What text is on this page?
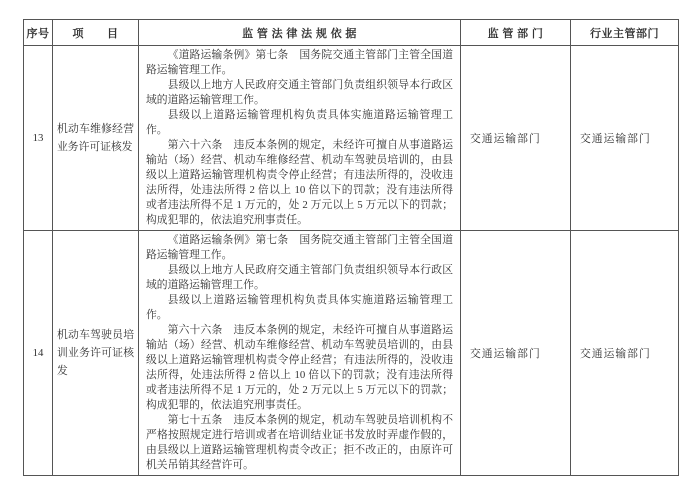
序号	项　　目	监 管 法 律 法 规 依 据	监 管 部 门	行业主管部门
13	机动车维修经营业务许可证核发	《道路运输条例》第七条　国务院交通主管部门主管全国道路运输管理工作。

县级以上地方人民政府交通主管部门负责组织领导本行政区域的道路运输管理工作。

县级以上道路运输管理机构负责具体实施道路运输管理工作。

第六十六条　违反本条例的规定，未经许可擅自从事道路运输站（场）经营、机动车维修经营、机动车驾驶员培训的，由县级以上道路运输管理机构责令停止经营；有违法所得的，没收违法所得，处违法所得 2 倍以上 10 倍以下的罚款；没有违法所得或者违法所得不足 1 万元的，处 2 万元以上 5 万元以下的罚款；构成犯罪的，依法追究刑事责任。	交通运输部门	交通运输部门
14	机动车驾驶员培训业务许可证核发	《道路运输条例》第七条　国务院交通主管部门主管全国道路运输管理工作。

县级以上地方人民政府交通主管部门负责组织领导本行政区域的道路运输管理工作。

县级以上道路运输管理机构负责具体实施道路运输管理工作。

第六十六条　违反本条例的规定，未经许可擅自从事道路运输站（场）经营、机动车维修经营、机动车驾驶员培训的，由县级以上道路运输管理机构责令停止经营；有违法所得的，没收违法所得，处违法所得 2 倍以上 10 倍以下的罚款；没有违法所得或者违法所得不足 1 万元的，处 2 万元以上 5 万元以下的罚款；构成犯罪的，依法追究刑事责任。

第七十五条　违反本条例的规定，机动车驾驶员培训机构不严格按照规定进行培训或者在培训结业证书发放时弄虚作假的，由县级以上道路运输管理机构责令改正；拒不改正的，由原许可机关吊销其经营许可。	交通运输部门	交通运输部门
